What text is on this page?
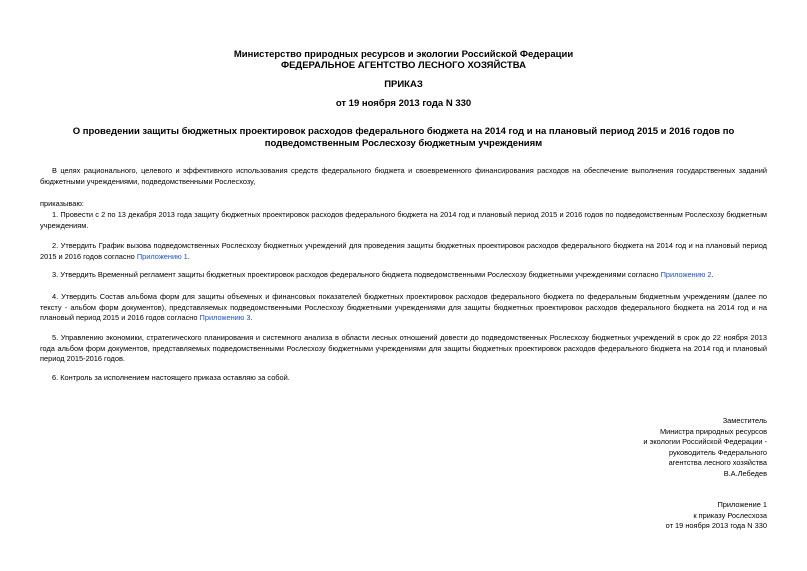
Министерство природных ресурсов и экологии Российской Федерации

ФЕДЕРАЛЬНОЕ АГЕНТСТВО ЛЕСНОГО ХОЗЯЙСТВА

ПРИКАЗ

от 19 ноября 2013 года N 330

О проведении защиты бюджетных проектировок расходов федерального бюджета на 2014 год и на плановый период 2015 и 2016 годов по подведомственным Рослесхозу бюджетным учреждениям

В целях рационального, целевого и эффективного использования средств федерального бюджета и своевременного финансирования расходов на обеспечение выполнения государственных заданий бюджетными учреждениями, подведомственными Рослесхозу,

приказываю:

1. Провести с 2 по 13 декабря 2013 года защиту бюджетных проектировок расходов федерального бюджета на 2014 год и плановый период 2015 и 2016 годов по подведомственным Рослесхозу бюджетным учреждениям.

2. Утвердить График вызова подведомственных Рослесхозу бюджетных учреждений для проведения защиты бюджетных проектировок расходов федерального бюджета на 2014 год и на плановый период 2015 и 2016 годов согласно Приложению 1.

3. Утвердить Временный регламент защиты бюджетных проектировок расходов федерального бюджета подведомственными Рослесхозу бюджетными учреждениями согласно Приложению 2.

4. Утвердить Состав альбома форм для защиты объемных и финансовых показателей бюджетных проектировок расходов федерального бюджета по федеральным бюджетным учреждениям (далее по тексту - альбом форм документов), представляемых подведомственными Рослесхозу бюджетными учреждениями для защиты бюджетных проектировок расходов федерального бюджета на 2014 год и на плановый период 2015 и 2016 годов согласно Приложению 3.

5. Управлению экономики, стратегического планирования и системного анализа в области лесных отношений довести до подведомственных Рослесхозу бюджетных учреждений в срок до 22 ноября 2013 года альбом форм документов, представляемых подведомственными Рослесхозу бюджетными учреждениями для защиты бюджетных проектировок расходов федерального бюджета на 2014 год и плановый период 2015-2016 годов.

6. Контроль за исполнением настоящего приказа оставляю за собой.

Заместитель
Министра природных ресурсов
и экологии Российской Федерации -
руководитель Федерального
агентства лесного хозяйства
В.А.Лебедев
Приложение 1
к приказу Рослесхоза
от 19 ноября 2013 года N 330
